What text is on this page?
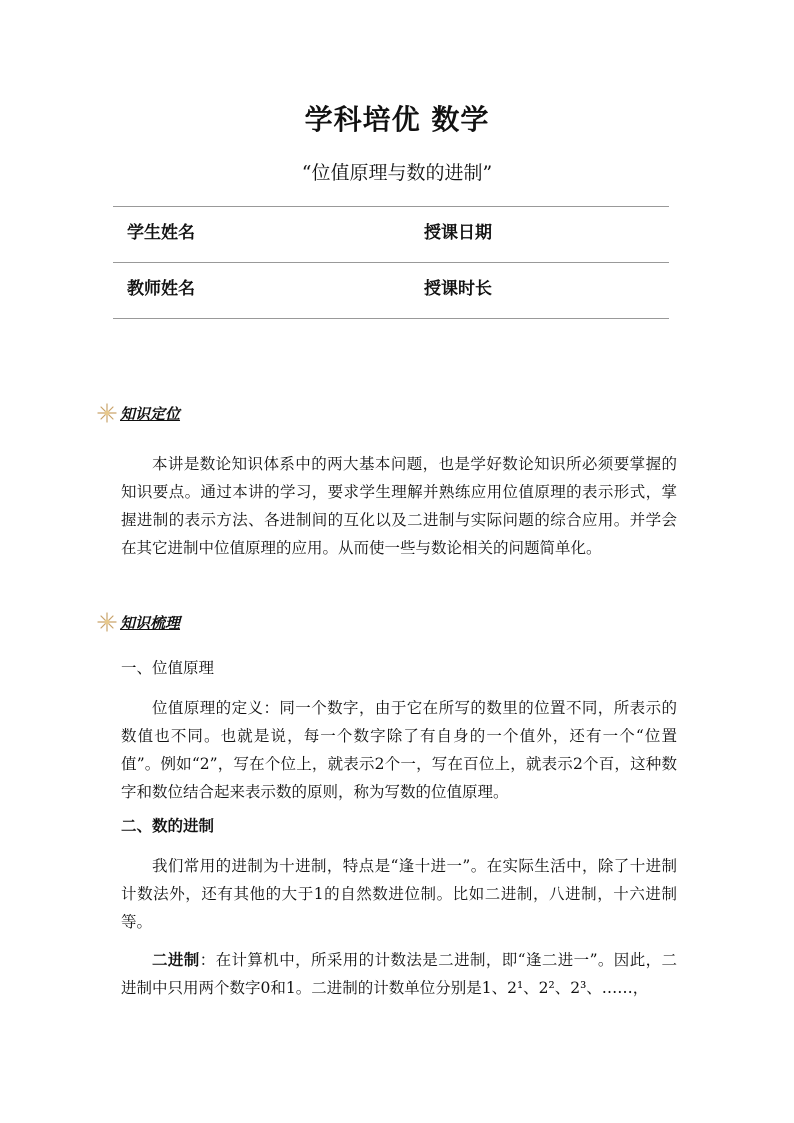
学科培优 数学
“位值原理与数的进制”
学生姓名	授课日期
教师姓名	授课时长
知识定位
本讲是数论知识体系中的两大基本问题，也是学好数论知识所必须要掌握的知识要点。通过本讲的学习，要求学生理解并熟练应用位值原理的表示形式，掌握进制的表示方法、各进制间的互化以及二进制与实际问题的综合应用。并学会在其它进制中位值原理的应用。从而使一些与数论相关的问题简单化。
知识梳理
一、位值原理
位值原理的定义：同一个数字，由于它在所写的数里的位置不同，所表示的数值也不同。也就是说，每一个数字除了有自身的一个值外，还有一个“位置值”。例如“2”，写在个位上，就表示2个一，写在百位上，就表示2个百，这种数字和数位结合起来表示数的原则，称为写数的位值原理。
二、数的进制
我们常用的进制为十进制，特点是“逢十进一”。在实际生活中，除了十进制计数法外，还有其他的大于1的自然数进位制。比如二进制，八进制，十六进制等。
二进制：在计算机中，所采用的计数法是二进制，即“逢二进一”。因此，二进制中只用两个数字0和1。二进制的计数单位分别是1、2¹、2²、2³、……，
